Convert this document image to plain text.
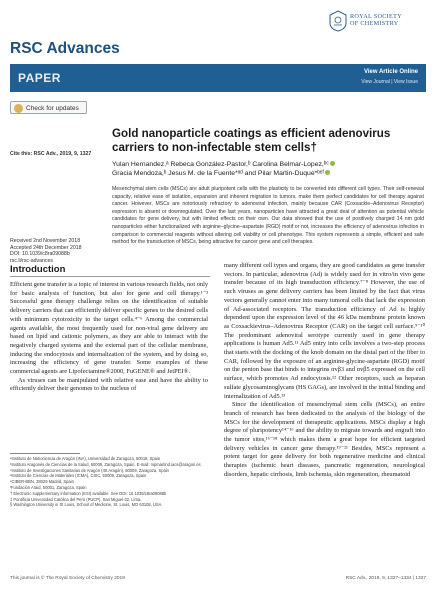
ROYAL SOCIETY
OF CHEMISTRY
RSC Advances
PAPER	View Article Online
View Journal | View Issue
Check for updates
Cite this: RSC Adv., 2019, 9, 1327
Received 2nd November 2018
Accepted 24th December 2018
DOI: 10.1039/c8ra09088b
rsc.li/rsc-advances
Gold nanoparticle coatings as efficient adenovirus carriers to non-infectable stem cells†
Yulan Hernandez,ᵃ Rebeca González-Pastor,ᵇ Carolina Belmar-Lopez,ᵇᶜ
Gracia Mendoza,ᵇ Jesus M. de la Fuente*ᵃᵈ and Pilar Martin-Duque*ᵇᵉᶠ
Mesenchymal stem cells (MSCs) are adult pluripotent cells with the plasticity to be converted into different cell types. Their self-renewal capacity, relative ease of isolation, expansion and inherent migration to tumors, make them perfect candidates for cell therapy against cancer. However, MSCs are notoriously refractory to adenoviral infection, mainly because CAR (Coxsackie–Adenovirus Receptor) expression is absent or downregulated. Over the last years, nanoparticles have attracted a great deal of attention as potential vehicle candidates for gene delivery, but with limited effects on their own. Our data showed that the use of positively charged 14 nm gold nanoparticles either functionalized with arginine–glycine–aspartate (RGD) motif or not, increases the efficiency of adenovirus infection in comparison to commercial reagents without altering cell viability or cell phenotype. This system represents a simple, efficient and safe method for the transduction of MSCs, being attractive for cancer gene and cell therapies.
Introduction

Efficient gene transfer is a topic of interest in various research fields, not only for basic analysis of function, but also for gene and cell therapy.¹⁻³ Successful gene therapy challenge relies on the identification of suitable delivery carriers that can efficiently deliver specific genes to the desired cells with minimum cytotoxicity to the target cells.⁴⁻⁶ Among the commercial agents available, the most frequently used for non-viral gene delivery are based on lipid and cationic polymers, as they are able to interact with the negatively charged systems and the external part of the cellular membrane, inducing the endocytosis and internalization of the system, and by doing so, increasing the efficiency of gene transfer. Some examples of these commercial agents are Lipofectamine®2000, FuGENE® and JetPEI®.

As viruses can be manipulated with relative ease and have the ability to efficiently deliver their genomes to the nucleus of

ᵃInstituto de Nanociencia de Aragón (INA), Universidad de Zaragoza, 50018, Spain
ᵇInstituto Aragonés de Ciencias de la Salud, 50009, Zaragoza, Spain. E-mail: mpmartind.iacs@aragon.es
ᶜInstituto de Investigaciones Sanitarias de Aragón (IIS Aragón), 50009, Zaragoza, Spain
ᵈInstituto de Ciencias de Materiales (ICMA), CSIC, 50009, Zaragoza, Spain
ᵉCIBER-BBN, 28029 Madrid, Spain
ᶠFundación Araid, 50001, Zaragoza, Spain
† Electronic supplementary information (ESI) available. See DOI: 10.1039/c8ra09088b
‡ Pontificia Universidad Católica del Perú (PUCP), San Miguel-32, Lima.
§ Washington University in St Louis, School of Medicine, St. Louis, MO 63108, USA.

many different cell types and organs, they are good candidates as gene transfer vectors. In particular, adenovirus (Ad) is widely used for in vitro/in vivo gene transfer because of its high transduction efficiency.⁷⁻⁸ However, the use of such viruses as gene delivery carriers has been limited by the fact that virus vectors generally cannot enter into many tumoral cells that lack the expression of Ad-associated receptors. The transduction efficiency of Ad is highly dependent upon the expression level of the 46 kDa membrane protein known as Coxsackievirus–Adenovirus Receptor (CAR) on the target cell surface.⁹⁻¹⁰ The predominant adenoviral serotype currently used in gene therapy applications is human Ad5.¹¹ Ad5 entry into cells involves a two-step process that starts with the docking of the knob domain on the distal part of the fiber to CAR, followed by the exposure of an arginine-glycine-aspartate (RGD) motif on the penton base that binds to integrins αvβ3 and αvβ5 expressed on the cell surface, which promotes Ad endocytosis.¹² Other receptors, such as heparan sulfate glycosaminoglycans (HS GAGs), are involved in the initial binding and internalization of Ad5.¹³

Since the identification of mesenchymal stem cells (MSCs), an entire branch of research has been dedicated to the analysis of the biology of the MSCs for the development of therapeutic applications. MSCs display a high degree of pluripotency¹⁴⁻¹⁶ and the ability to migrate towards and engraft into the tumor sites,¹⁶⁻¹⁸ which makes them a great hope for efficient targeted delivery vehicles in cancer gene therapy.¹⁹⁻²¹ Besides, MSCs represent a potent target for gene delivery for both regenerative medicine and clinical therapies (ischemic heart diseases, pancreatic regeneration, neurological disorders, hepatic cirrhosis, limb ischemia, skin regeneration, rheumatoid

This journal is © The Royal Society of Chemistry 2019	RSC Adv., 2019, 9, 1327–1334 | 1327
